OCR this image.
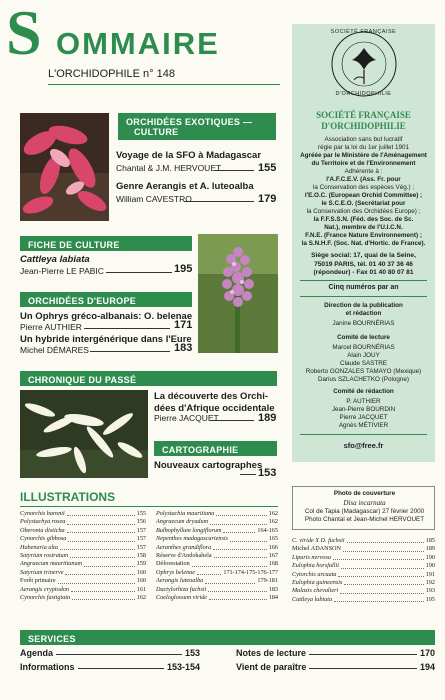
S OMMAIRE
L'ORCHIDOPHILE n° 148
ORCHIDÉES EXOTIQUES —
CULTURE
Voyage de la SFO à Madagascar
Chantal & J.M. HERVOUET	155
Genre Aerangis et A. luteoalba
William CAVESTRO	179
FICHE DE CULTURE
Cattleya labiata
Jean-Pierre LE PABIC	195
ORCHIDÉES D'EUROPE
Un Ophrys gréco-albanais: O. belenae
Pierre AUTHIER	171
Un hybride intergénérique dans l'Eure
Michel DÉMARES	183
CHRONIQUE DU PASSÉ
La découverte des Orchi-
dées d'Afrique occidentale
Pierre JACQUET	189
CARTOGRAPHIE
Nouveaux cartographes
153
SOCIÉTÉ FRANÇAISE
D'ORCHIDOPHILIE
SOCIÉTÉ FRANÇAISE
D'ORCHIDOPHILIE
Association sans but lucratif
régie par la loi du 1er juillet 1901
Agréée par le Ministère de l'Aménagement
du Territoire et de l'Environnement
Adhérente à :
l'A.F.C.E.V. (Ass. Fr. pour
la Conservation des espèces Vég.) ;
l'E.O.C. (European Orchid Committee) ;
le S.C.E.O. (Secrétariat pour
la Conservation des Orchidées Europe) ;
la F.F.S.S.N. (Féd. des Soc. de Sc.
Nat.), membre de l'U.I.C.N.
F.N.E. (France Nature Environnement) ;
la S.N.H.F. (Soc. Nat. d'Hortic. de France).
Siège social: 17, quai de la Seine,
75019 PARIS, tél. 01 40 37 36 46
(répondeur) - Fax 01 40 80 07 81
Cinq numéros par an
Direction de la publication
et rédaction
Janine BOURNÉRIAS
Comité de lecture
Marcel BOURNÉRIAS
Alain JOUY
Claude SASTRE
Roberto GONZALES TAMAYO (Mexique)
Darius SZLACHETKO (Pologne)
Comité de rédaction
P. AUTHIER
Jean-Pierre BOURDIN
Pierre JACQUET
Agnès MÉTIVIER
sfo@free.fr
Photo de couverture
Disa incarnata
Col de Tapia (Madagascar) 27 février 2000
Photo Chantal et Jean-Michel HERVOUET
ILLUSTRATIONS
Cynorchis baronii	155
Polystachya rosea	156
Oberonia disticha	157
Cynorchis gibbosa	157
Habenaria alta	157
Satyrium rostratum	158
Angraecum mauritianum	159
Satyrium trinerve	160
Forêt primaire	160
Aerangis cryptodon	161
Cynorchis fastigiata	162
Polystachia mauritiana	162
Angraecum dryadum	162
Bulbophyllum longiflorum	164-165
Nepenthes madagascariensis	165
Aeranthes grandiflora	166
Réserve d'Andohahela	167
Déforestation	168
Ophrys belenae	171-174-175-176-177
Aerangis luteoalba	179-181
Dactylorhiza fuchsii	183
Coeloglossum viride	184
C. viride X D. fuchsii	185
Michel ADANSON	189
Liparis nervosa	190
Eulophia horsfallii	190
Cytorchis arcuata	191
Eulophia guineensis	192
Malaxis chevalieri	193
Cattleya labiata	195
SERVICES
Agenda	153
Informations	153-154
Notes de lecture	170
Vient de paraître	194
